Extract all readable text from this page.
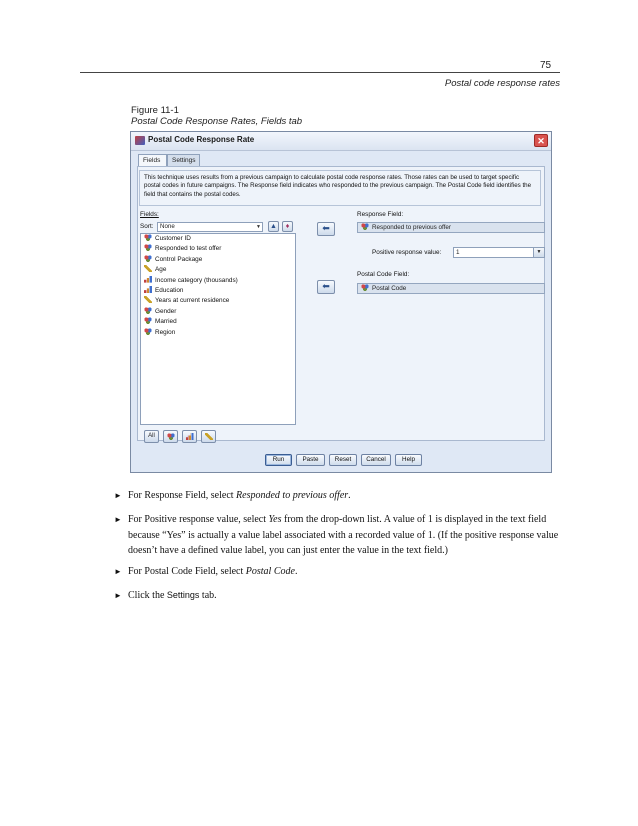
75
Postal code response rates
Figure 11-1
Postal Code Response Rates, Fields tab
Postal Code Response Rate	✕
Fields	Settings
This technique uses results from a previous campaign to calculate postal code response rates. Those rates can be used to target specific postal codes in future campaigns. The Response field indicates who responded to the previous campaign. The Postal Code field identifies the field that contains the postal codes.
Fields:
Sort:	None	▼ ▲	♦
Customer ID
Responded to test offer
Control Package
Age
Income category (thousands)
Education
Years at current residence
Gender
Married
Region
All
⬅
⬅
Response Field:
Responded to previous offer
Positive response value:	1	▼
Postal Code Field:
Postal Code
Run	Paste	Reset	Cancel	Help
► For Response Field, select Responded to previous offer.
► For Positive response value, select Yes from the drop-down list. A value of 1 is displayed in the text field because “Yes” is actually a value label associated with a recorded value of 1. (If the positive response value doesn’t have a defined value label, you can just enter the value in the text field.)
► For Postal Code Field, select Postal Code.
► Click the Settings tab.
